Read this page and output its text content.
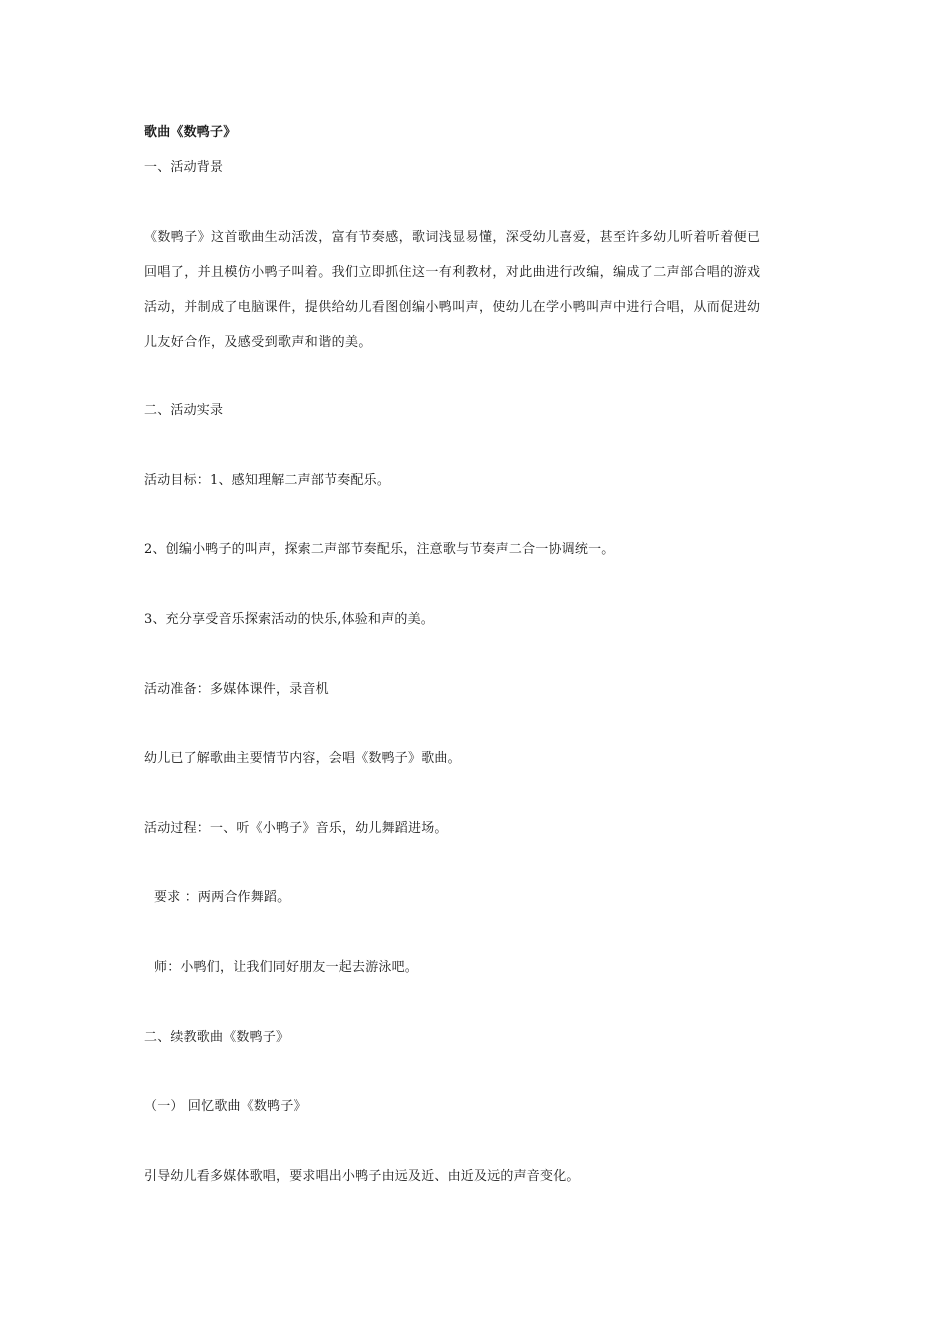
歌曲《数鸭子》
一、活动背景
《数鸭子》这首歌曲生动活泼，富有节奏感，歌词浅显易懂，深受幼儿喜爱，甚至许多幼儿听着听着便已
回唱了，并且模仿小鸭子叫着。我们立即抓住这一有利教材，对此曲进行改编，编成了二声部合唱的游戏
活动，并制成了电脑课件，提供给幼儿看图创编小鸭叫声，使幼儿在学小鸭叫声中进行合唱，从而促进幼
儿友好合作，及感受到歌声和谐的美。
二、活动实录
活动目标：1、感知理解二声部节奏配乐。
2、创编小鸭子的叫声，探索二声部节奏配乐，注意歌与节奏声二合一协调统一。
3、充分享受音乐探索活动的快乐,体验和声的美。
活动准备：多媒体课件，录音机
幼儿已了解歌曲主要情节内容，会唱《数鸭子》歌曲。
活动过程：一、听《小鸭子》音乐，幼儿舞蹈进场。
要求 ：两两合作舞蹈。
师：小鸭们，让我们同好朋友一起去游泳吧。
二、续教歌曲《数鸭子》
（一） 回忆歌曲《数鸭子》
引导幼儿看多媒体歌唱，要求唱出小鸭子由远及近、由近及远的声音变化。
